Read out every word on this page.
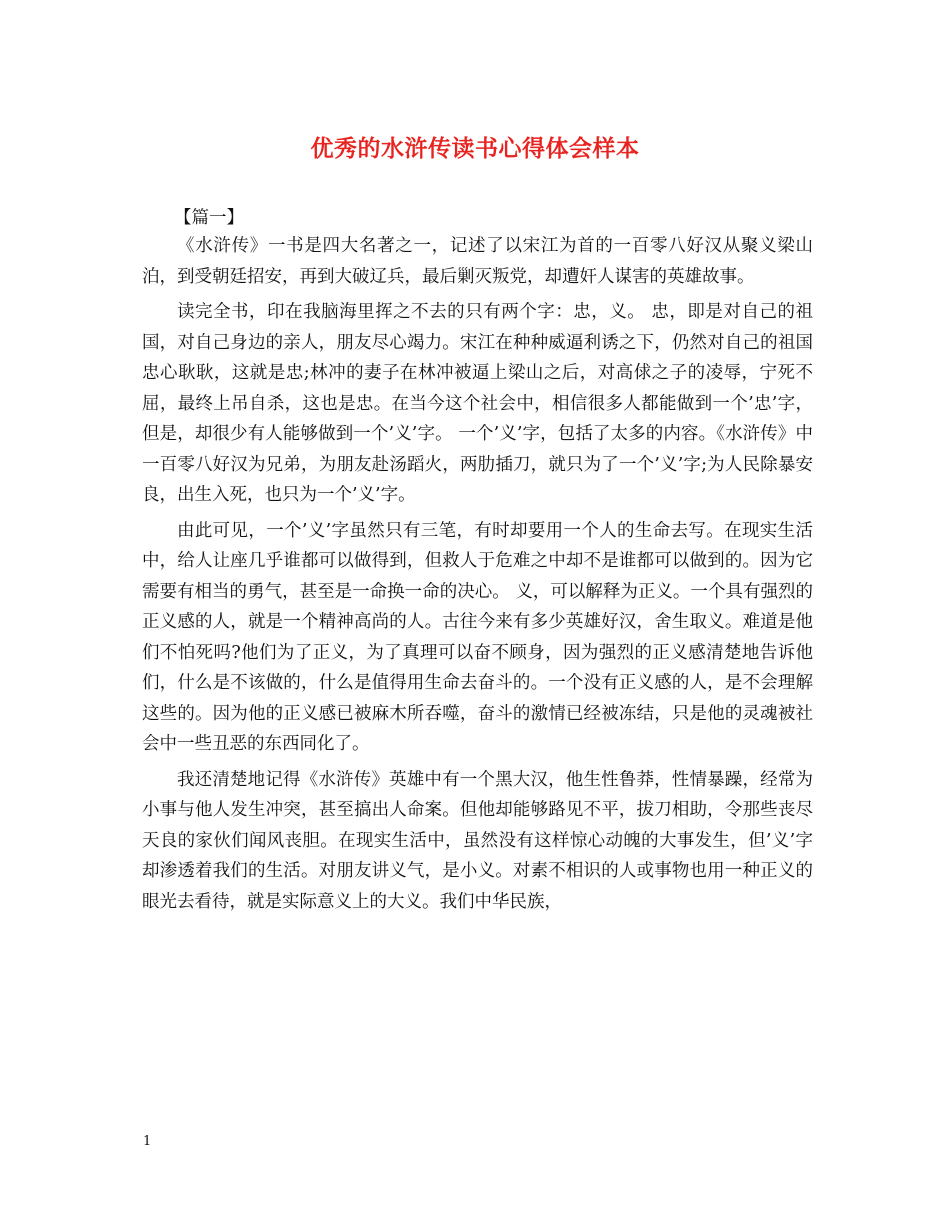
优秀的水浒传读书心得体会样本

【篇一】

《水浒传》一书是四大名著之一，记述了以宋江为首的一百零八好汉从聚义梁山泊，到受朝廷招安，再到大破辽兵，最后剿灭叛党，却遭奸人谋害的英雄故事。

读完全书，印在我脑海里挥之不去的只有两个字：忠，义。 忠，即是对自己的祖国，对自己身边的亲人，朋友尽心竭力。宋江在种种威逼利诱之下，仍然对自己的祖国忠心耿耿，这就是忠;林冲的妻子在林冲被逼上梁山之后，对高俅之子的凌辱，宁死不屈，最终上吊自杀，这也是忠。在当今这个社会中，相信很多人都能做到一个’忠’字，但是，却很少有人能够做到一个’义’字。 一个’义’字，包括了太多的内容。《水浒传》中一百零八好汉为兄弟，为朋友赴汤蹈火，两肋插刀，就只为了一个’义’字;为人民除暴安良，出生入死，也只为一个’义’字。

由此可见，一个’义’字虽然只有三笔，有时却要用一个人的生命去写。在现实生活中，给人让座几乎谁都可以做得到，但救人于危难之中却不是谁都可以做到的。因为它需要有相当的勇气，甚至是一命换一命的决心。 义，可以解释为正义。一个具有强烈的正义感的人，就是一个精神高尚的人。古往今来有多少英雄好汉，舍生取义。难道是他们不怕死吗?他们为了正义，为了真理可以奋不顾身，因为强烈的正义感清楚地告诉他们，什么是不该做的，什么是值得用生命去奋斗的。一个没有正义感的人，是不会理解这些的。因为他的正义感已被麻木所吞噬，奋斗的激情已经被冻结，只是他的灵魂被社会中一些丑恶的东西同化了。

我还清楚地记得《水浒传》英雄中有一个黑大汉，他生性鲁莽，性情暴躁，经常为小事与他人发生冲突，甚至搞出人命案。但他却能够路见不平，拔刀相助，令那些丧尽天良的家伙们闻风丧胆。在现实生活中，虽然没有这样惊心动魄的大事发生，但’义’字却渗透着我们的生活。对朋友讲义气，是小义。对素不相识的人或事物也用一种正义的眼光去看待，就是实际意义上的大义。我们中华民族，

1
